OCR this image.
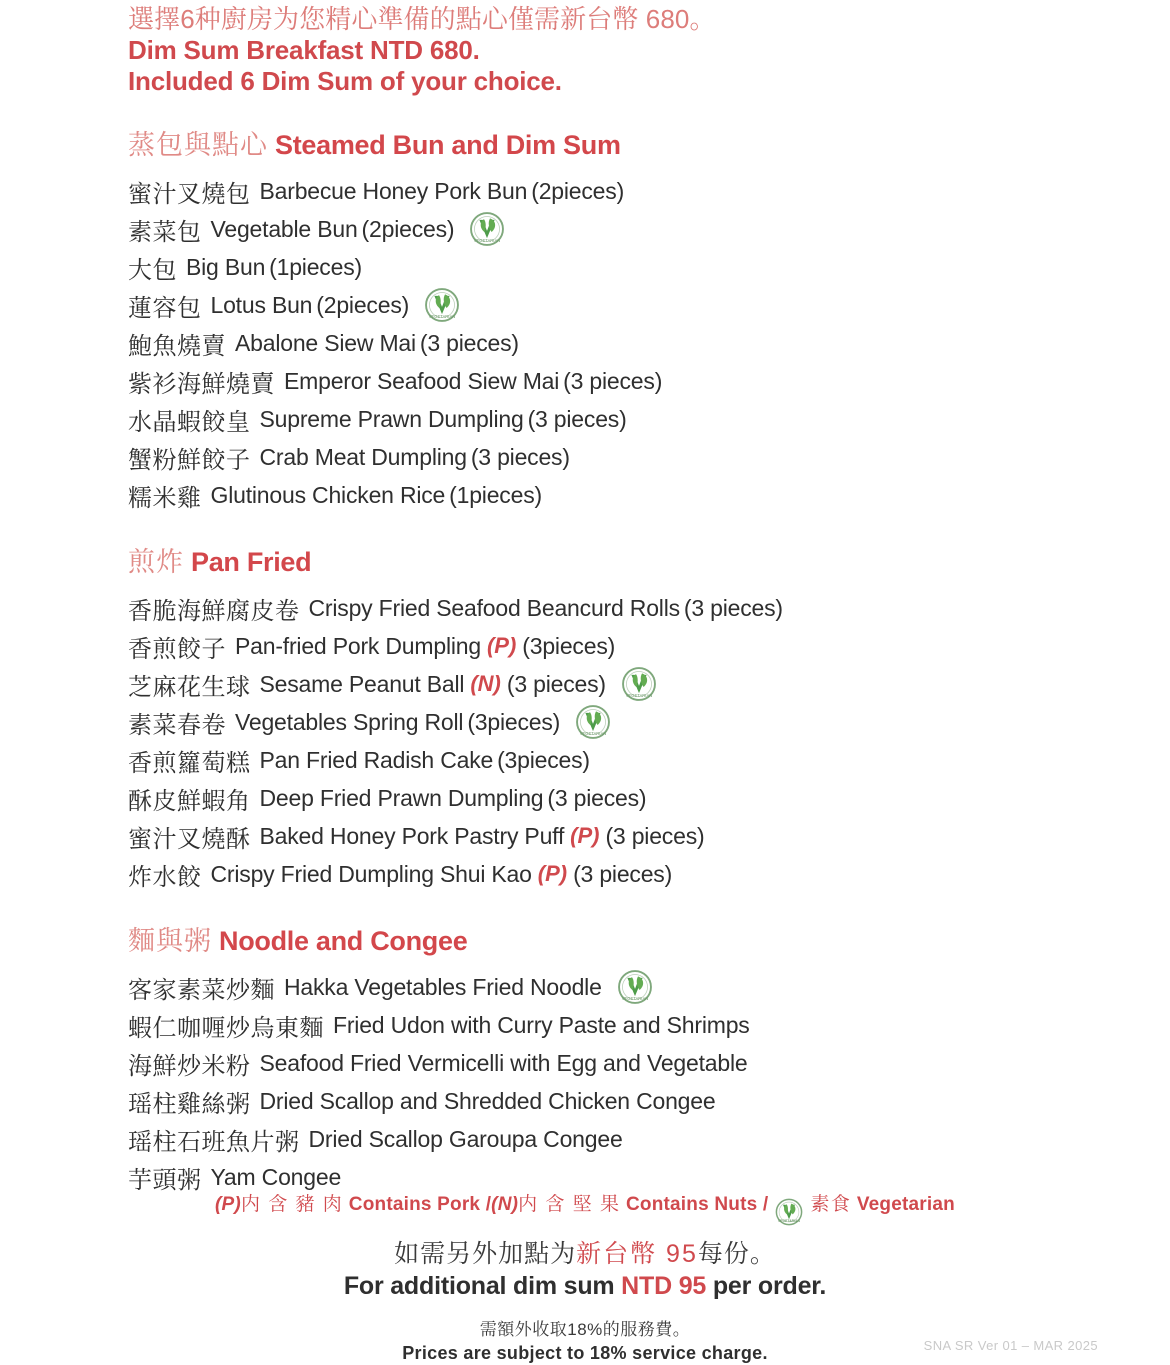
選擇6种廚房为您精心準備的點心僅需新台幣 680。
Dim Sum Breakfast NTD 680.
Included 6 Dim Sum of your choice.
蒸包與點心 Steamed Bun and Dim Sum
蜜汁叉燒包 Barbecue Honey Pork Bun (2pieces)
素菜包 Vegetable Bun (2pieces) VEGETARIAN
大包 Big Bun (1pieces)
蓮容包 Lotus Bun (2pieces) VEGETARIAN
鮑魚燒賣 Abalone Siew Mai (3 pieces)
紫衫海鮮燒賣 Emperor Seafood Siew Mai (3 pieces)
水晶蝦餃皇 Supreme Prawn Dumpling (3 pieces)
蟹粉鮮餃子 Crab Meat Dumpling (3 pieces)
糯米雞 Glutinous Chicken Rice (1pieces)
煎炸 Pan Fried
香脆海鮮腐皮卷 Crispy Fried Seafood Beancurd Rolls (3 pieces)
香煎餃子 Pan-fried Pork Dumpling (P) (3pieces)
芝麻花生球 Sesame Peanut Ball (N) (3 pieces) VEGETARIAN
素菜春卷 Vegetables Spring Roll (3pieces) VEGETARIAN
香煎籮萄糕 Pan Fried Radish Cake (3pieces)
酥皮鮮蝦角 Deep Fried Prawn Dumpling (3 pieces)
蜜汁叉燒酥 Baked Honey Pork Pastry Puff (P) (3 pieces)
炸水餃 Crispy Fried Dumpling Shui Kao (P) (3 pieces)
麵與粥 Noodle and Congee
客家素菜炒麵 Hakka Vegetables Fried Noodle VEGETARIAN
蝦仁咖喱炒烏東麵 Fried Udon with Curry Paste and Shrimps
海鮮炒米粉 Seafood Fried Vermicelli with Egg and Vegetable
瑶柱雞絲粥 Dried Scallop and Shredded Chicken Congee
瑶柱石班魚片粥 Dried Scallop Garoupa Congee
芋頭粥 Yam Congee
(P)内 含 豬 肉 Contains Pork /(N)内 含 堅 果 Contains Nuts /
VEGETARIAN
素食 Vegetarian
如需另外加點为新台幣 95每份。
For additional dim sum NTD 95 per order.
需額外收取18%的服務費。
Prices are subject to 18% service charge.	SNA SR Ver 01 – MAR 2025
